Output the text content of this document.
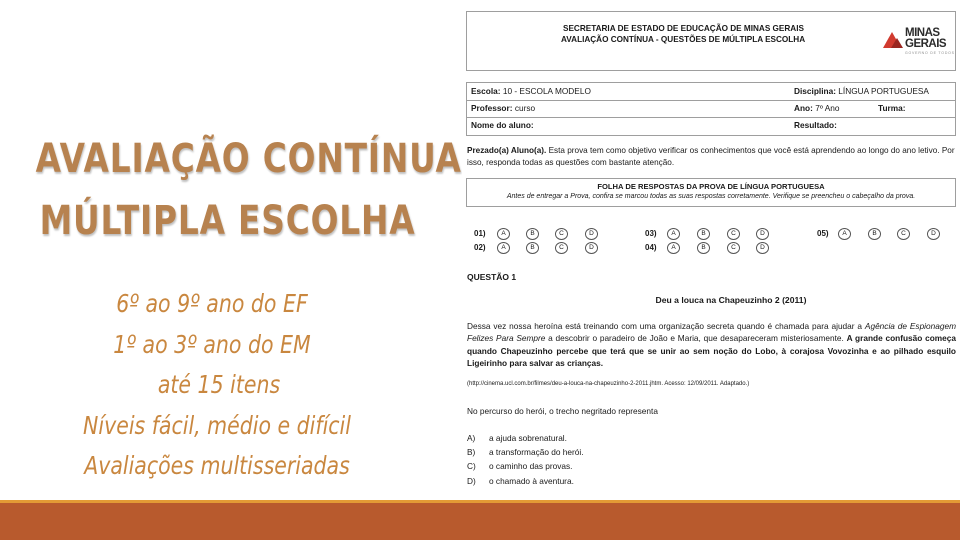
AVALIAÇÃO CONTÍNUA
MÚLTIPLA ESCOLHA
6º ao 9º ano do EF
1º ao 3º ano do EM
até 15 itens
Níveis fácil, médio e difícil
Avaliações multisseriadas
SECRETARIA DE ESTADO DE EDUCAÇÃO DE MINAS GERAIS
AVALIAÇÃO CONTÍNUA - QUESTÕES DE MÚLTIPLA ESCOLHA
MINAS
GERAIS
GOVERNO DE TODOS
Escola: 10 - ESCOLA MODELO	Disciplina: LÍNGUA PORTUGUESA
Professor: curso	Ano: 7º Ano	Turma:
Nome do aluno:	Resultado:
Prezado(a) Aluno(a). Esta prova tem como objetivo verificar os conhecimentos que você está aprendendo ao longo do ano letivo. Por isso, responda todas as questões com bastante atenção.
FOLHA DE RESPOSTAS DA PROVA DE LÍNGUA PORTUGUESA
Antes de entregar a Prova, confira se marcou todas as suas respostas corretamente. Verifique se preencheu o cabeçalho da prova.
01)	A	B	C	D
02)	A	B	C	D
03)	A	B	C	D
04)	A	B	C	D
05)	A	B	C	D
QUESTÃO 1
Deu a louca na Chapeuzinho 2 (2011)
Dessa vez nossa heroína está treinando com uma organização secreta quando é chamada para ajudar a Agência de Espionagem Felizes Para Sempre a descobrir o paradeiro de João e Maria, que desapareceram misteriosamente. A grande confusão começa quando Chapeuzinho percebe que terá que se unir ao sem noção do Lobo, à corajosa Vovozinha e ao pilhado esquilo Ligeirinho para salvar as crianças.
(http://cinema.ucl.com.br/filmes/deu-a-louca-na-chapeuzinho-2-2011.jhtm. Acesso: 12/09/2011. Adaptado.)
No percurso do herói, o trecho negritado representa
A) a ajuda sobrenatural.
B) a transformação do herói.
C) o caminho das provas.
D) o chamado à aventura.
